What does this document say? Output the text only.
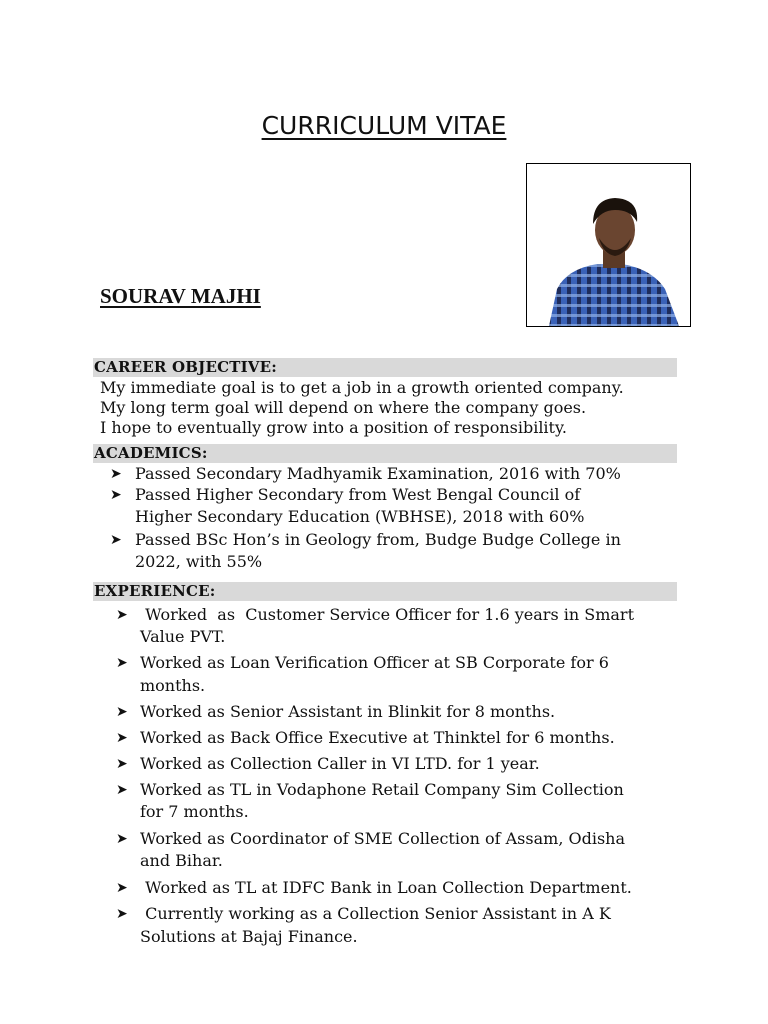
CURRICULUM VITAE
SOURAV MAJHI
CAREER OBJECTIVE:
My immediate goal is to get a job in a growth oriented company.
My long term goal will depend on where the company goes.
I hope to eventually grow into a position of responsibility.
ACADEMICS:
➤ Passed Secondary Madhyamik Examination, 2016 with 70%
➤ Passed Higher Secondary from West Bengal Council of
Higher Secondary Education (WBHSE), 2018 with 60%
➤ Passed BSc Hon’s in Geology from, Budge Budge College in
2022, with 55%
EXPERIENCE:
➤ Worked  as  Customer Service Officer for 1.6 years in Smart
Value PVT.
➤ Worked as Loan Verification Officer at SB Corporate for 6
months.
➤ Worked as Senior Assistant in Blinkit for 8 months.
➤ Worked as Back Office Executive at Thinktel for 6 months.
➤ Worked as Collection Caller in VI LTD. for 1 year.
➤ Worked as TL in Vodaphone Retail Company Sim Collection
for 7 months.
➤ Worked as Coordinator of SME Collection of Assam, Odisha
and Bihar.
➤ Worked as TL at IDFC Bank in Loan Collection Department.
➤ Currently working as a Collection Senior Assistant in A K
Solutions at Bajaj Finance.
